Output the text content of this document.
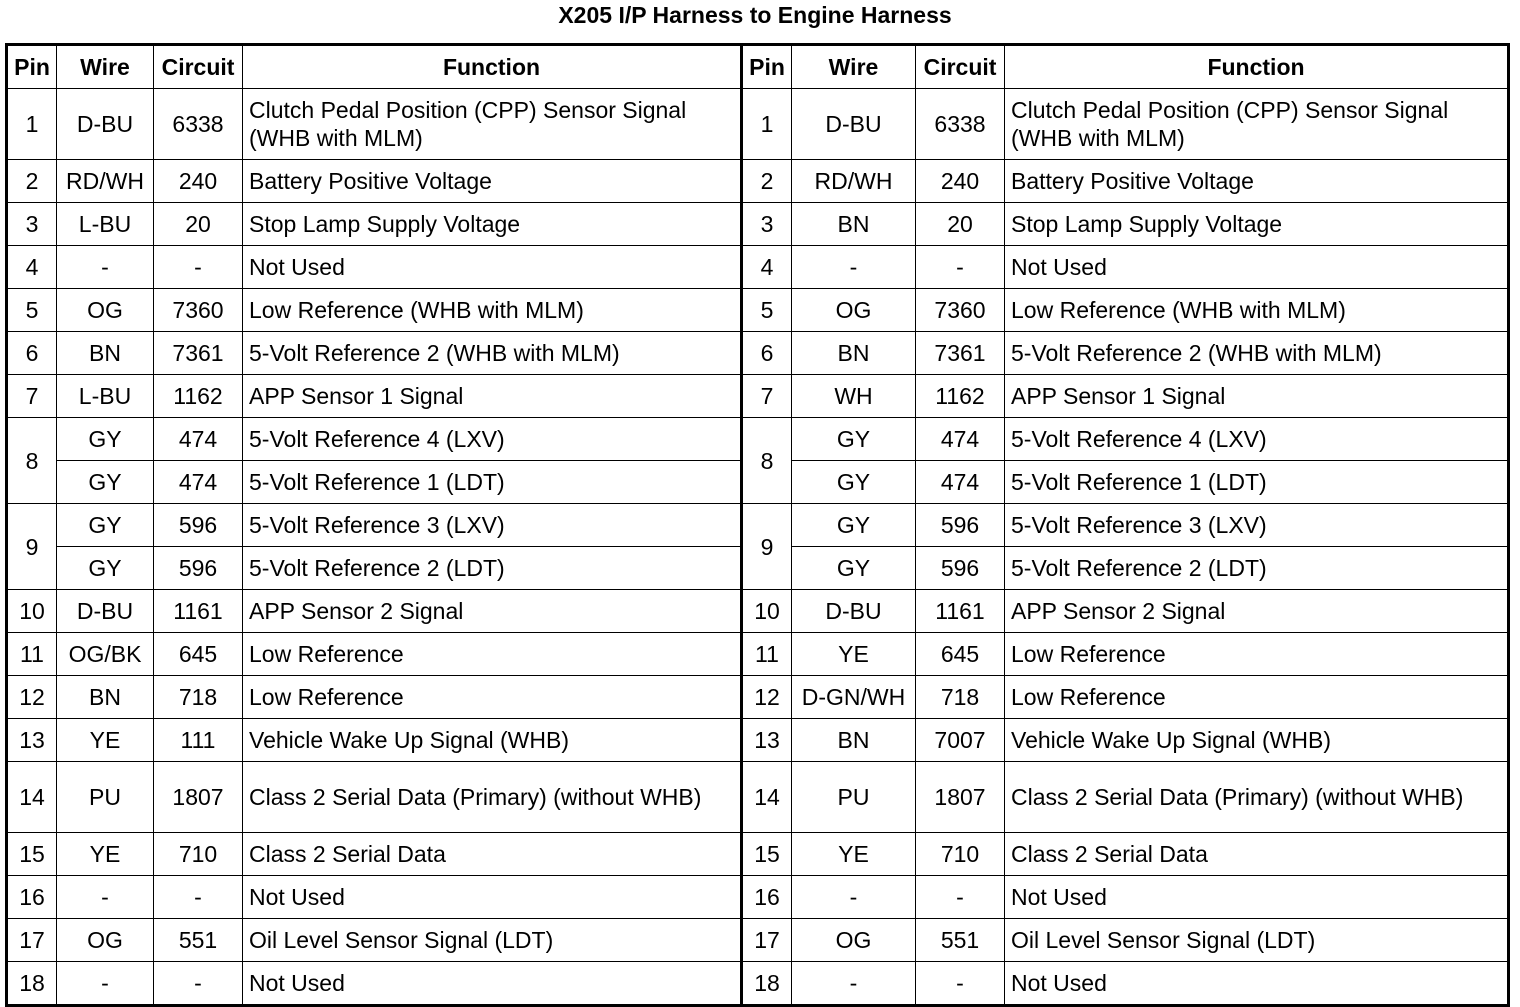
X205 I/P Harness to Engine Harness
Pin	Wire	Circuit	Function	Pin	Wire	Circuit	Function
1	D-BU	6338	Clutch Pedal Position (CPP) Sensor Signal (WHB with MLM)	1	D-BU	6338	Clutch Pedal Position (CPP) Sensor Signal (WHB with MLM)
2	RD/WH	240	Battery Positive Voltage	2	RD/WH	240	Battery Positive Voltage
3	L-BU	20	Stop Lamp Supply Voltage	3	BN	20	Stop Lamp Supply Voltage
4	-	-	Not Used	4	-	-	Not Used
5	OG	7360	Low Reference (WHB with MLM)	5	OG	7360	Low Reference (WHB with MLM)
6	BN	7361	5-Volt Reference 2 (WHB with MLM)	6	BN	7361	5-Volt Reference 2 (WHB with MLM)
7	L-BU	1162	APP Sensor 1 Signal	7	WH	1162	APP Sensor 1 Signal
8	GY	474	5-Volt Reference 4 (LXV)	8	GY	474	5-Volt Reference 4 (LXV)
	GY	474	5-Volt Reference 1 (LDT)		GY	474	5-Volt Reference 1 (LDT)
9	GY	596	5-Volt Reference 3 (LXV)	9	GY	596	5-Volt Reference 3 (LXV)
	GY	596	5-Volt Reference 2 (LDT)		GY	596	5-Volt Reference 2 (LDT)
10	D-BU	1161	APP Sensor 2 Signal	10	D-BU	1161	APP Sensor 2 Signal
11	OG/BK	645	Low Reference	11	YE	645	Low Reference
12	BN	718	Low Reference	12	D-GN/WH	718	Low Reference
13	YE	111	Vehicle Wake Up Signal (WHB)	13	BN	7007	Vehicle Wake Up Signal (WHB)
14	PU	1807	Class 2 Serial Data (Primary) (without WHB)	14	PU	1807	Class 2 Serial Data (Primary) (without WHB)
15	YE	710	Class 2 Serial Data	15	YE	710	Class 2 Serial Data
16	-	-	Not Used	16	-	-	Not Used
17	OG	551	Oil Level Sensor Signal (LDT)	17	OG	551	Oil Level Sensor Signal (LDT)
18	-	-	Not Used	18	-	-	Not Used
